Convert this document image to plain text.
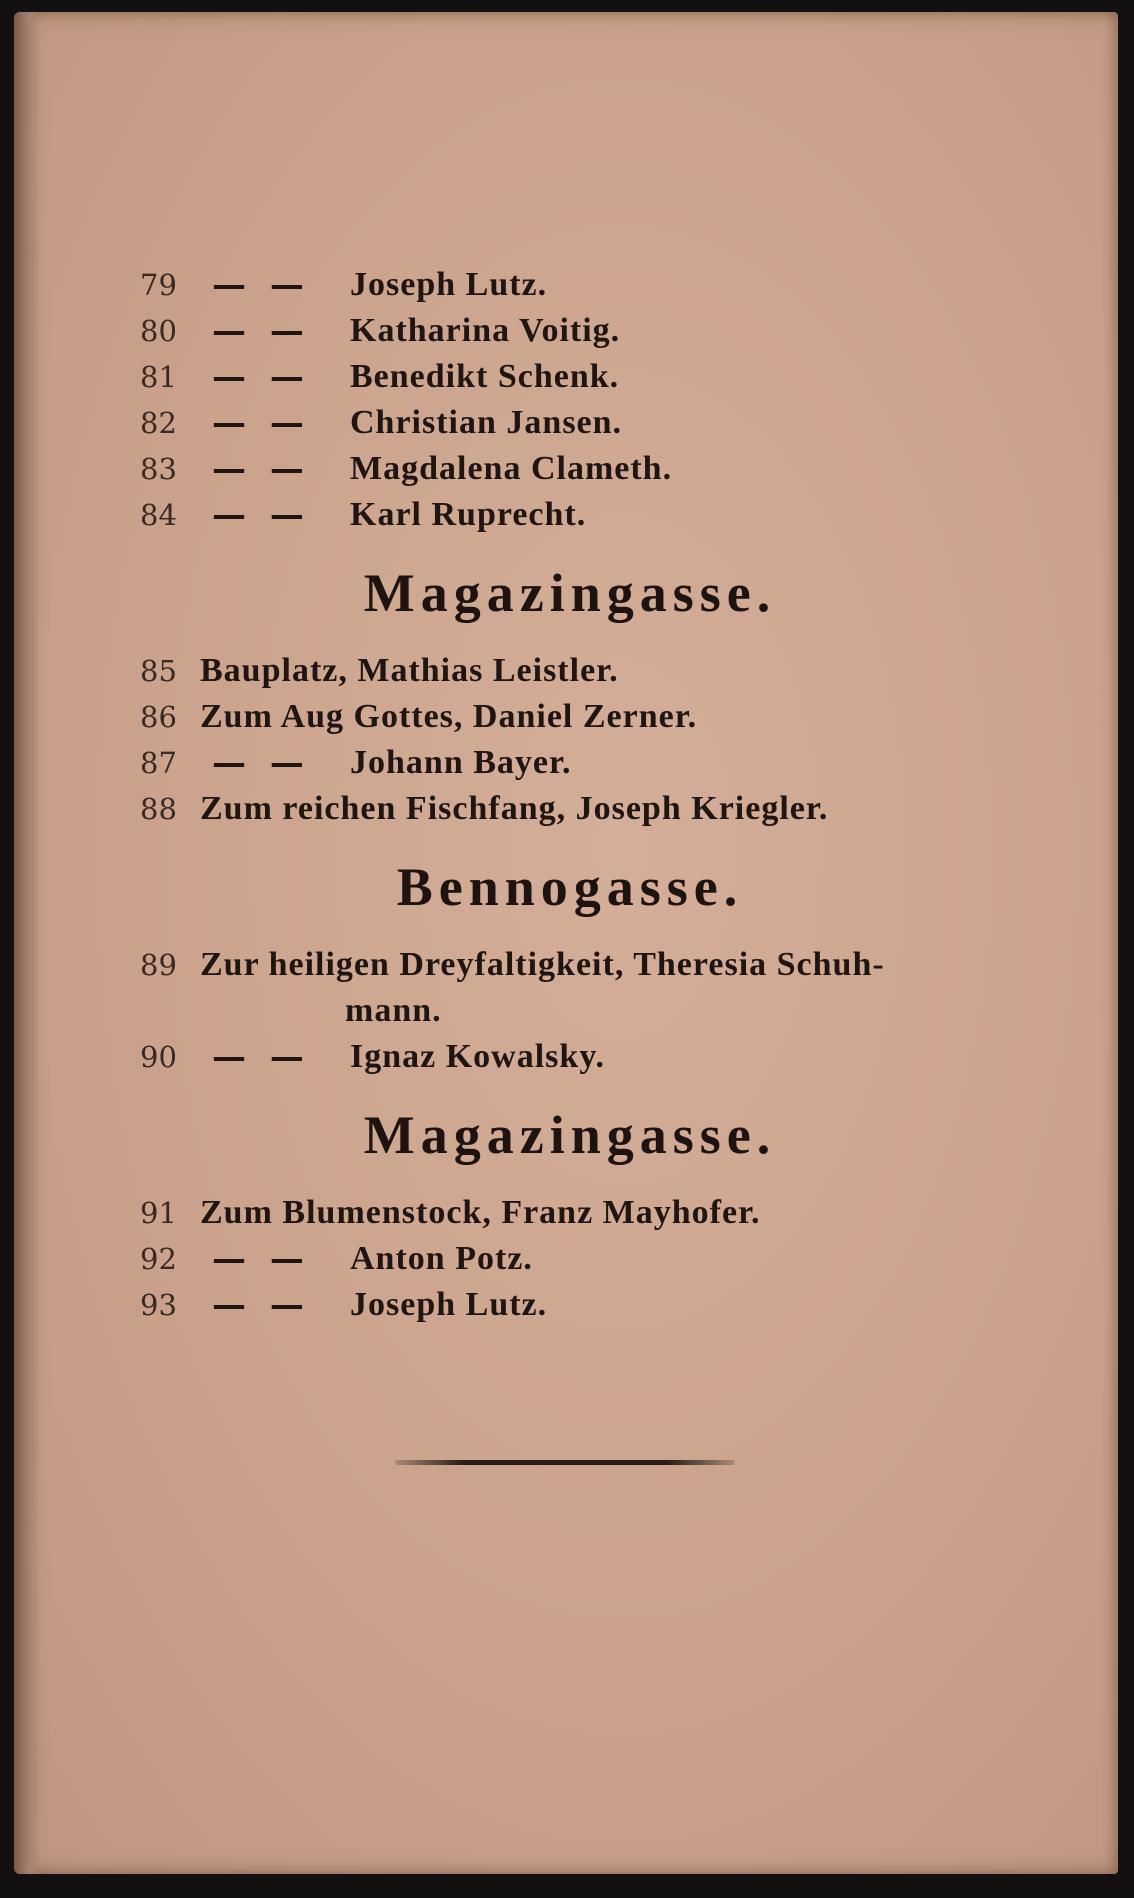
79	— —	Joseph Lutz.
80	— —	Katharina Voitig.
81	— —	Benedikt Schenk.
82	— —	Christian Jansen.
83	— —	Magdalena Clameth.
84	— —	Karl Ruprecht.
Magazingasse.
85 Bauplatz, Mathias Leistler.
86 Zum Aug Gottes, Daniel Zerner.
87	— —	Johann Bayer.
88 Zum reichen Fischfang, Joseph Kriegler.
Bennogasse.
89 Zur heiligen Dreyfaltigkeit, Theresia Schuh-
mann.
90	— —	Ignaz Kowalsky.
Magazingasse.
91 Zum Blumenstock, Franz Mayhofer.
92	— —	Anton Potz.
93	— —	Joseph Lutz.
